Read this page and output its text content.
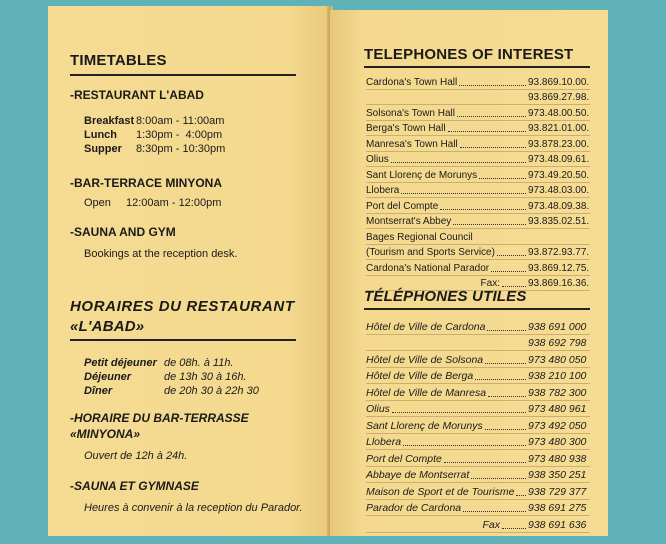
TIMETABLES
-RESTAURANT L'ABAD
Breakfast	8:00am - 11:00am
Lunch	1:30pm -  4:00pm
Supper	8:30pm - 10:30pm
-BAR-TERRACE MINYONA
Open 12:00am - 12:00pm
-SAUNA AND GYM
Bookings at the reception desk.
HORAIRES DU RESTAURANT
«L'ABAD»
Petit déjeuner	de 08h. à 11h.
Déjeuner	de 13h 30 à 16h.
Dîner	de 20h 30 à 22h 30
-HORAIRE DU BAR-TERRASSE
«MINYONA»
Ouvert de 12h à 24h.
-SAUNA ET GYMNASE
Heures à convenir à la reception du Parador.
TELEPHONES OF INTEREST
Cardona's Town Hall	93.869.10.00.
93.869.27.98.
Solsona's Town Hall	973.48.00.50.
Berga's Town Hall	93.821.01.00.
Manresa's Town Hall	93.878.23.00.
Olius	973.48.09.61.
Sant Llorenç de Morunys	973.49.20.50.
Llobera	973.48.03.00.
Port del Compte	973.48.09.38.
Montserrat's Abbey	93.835.02.51.
Bages Regional Council
(Tourism and Sports Service)	93.872.93.77.
Cardona's National Parador	93.869.12.75.
Fax:	93.869.16.36.
TÉLÉPHONES UTILES
Hôtel de Ville de Cardona	938 691 000
938 692 798
Hôtel de Ville de Solsona	973 480 050
Hôtel de Ville de Berga	938 210 100
Hôtel de Ville de Manresa	938 782 300
Olius	973 480 961
Sant Llorenç de Morunys	973 492 050
Llobera	973 480 300
Port del Compte	973 480 938
Abbaye de Montserrat	938 350 251
Maison de Sport et de Tourisme 938 729 377
Parador de Cardona	938 691 275
Fax	938 691 636
